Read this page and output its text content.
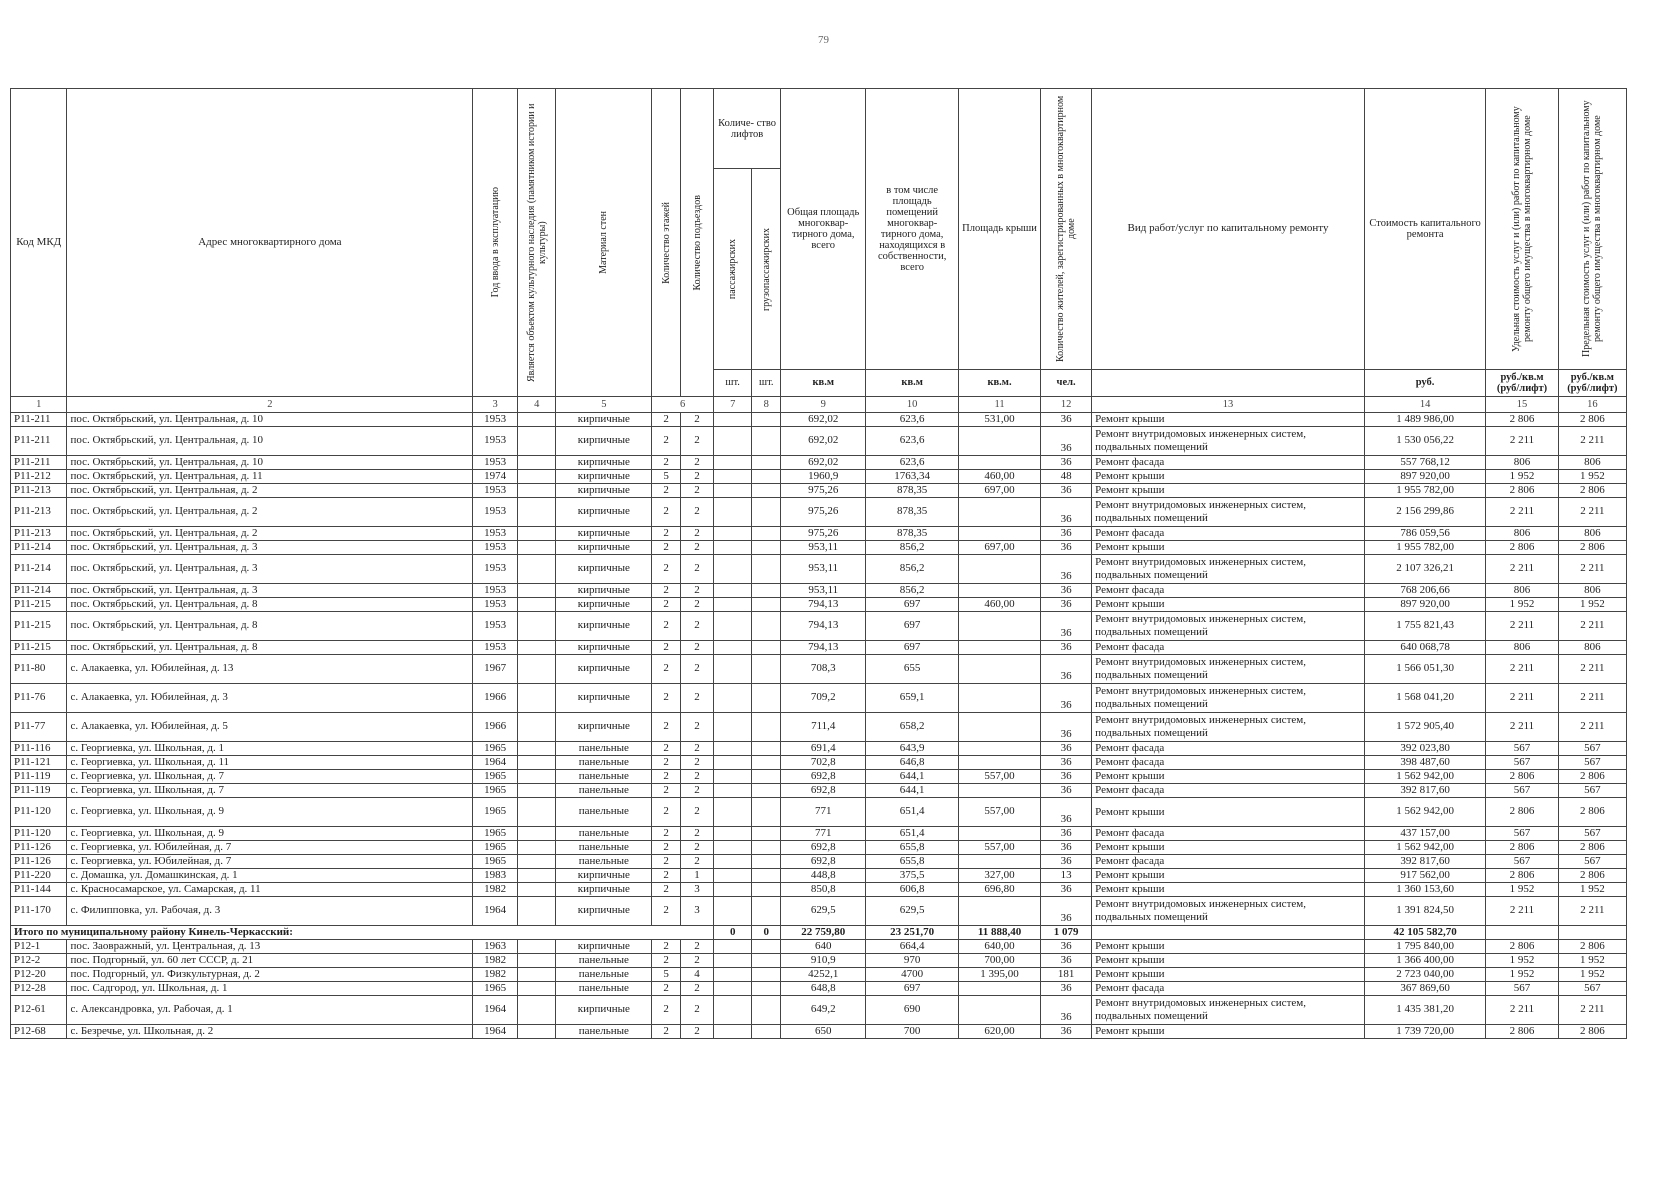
79
Код МКД	Адрес многоквартирного дома	Год ввода в эксплуатацию	Является объектом культурного наследия (памятником истории и культуры)	Материал стен	Количество этажей	Количество подъездов	Количе- ство лифтов		Общая площадь многоквар- тирного дома, всего	в том числе площадь помещений многоквар- тирного дома, находящихся в собственности, всего	Площадь крыши	Количество жителей, зарегистрированных в многоквартирном доме	Вид работ/услуг по капитальному ремонту	Стоимость капитального ремонта	Удельная стоимость услуг и (или) работ по капитальному ремонту общего имущества в многоквартирном доме	Предельная стоимость услуг и (или) работ по капитальному ремонту общего имущества в многоквартирном доме

							пассажирских	грузопассажирских								

							шт.	шт.	кв.м	кв.м	кв.м.	чел.		руб.	руб./кв.м (руб/лифт)	руб./кв.м (руб/лифт)
1	2	3	4	5	6		7	8	9	10	11	12	13	14	15	16
Р11-211	пос. Октябрьский, ул. Центральная, д. 10	1953		кирпичные	2	2			692,02	623,6	531,00	36	Ремонт крыши	1 489 986,00	2 806	2 806
Р11-211	пос. Октябрьский, ул. Центральная, д. 10	1953		кирпичные	2	2			692,02	623,6		36	Ремонт внутридомовых инженерных систем, подвальных помещений	1 530 056,22	2 211	2 211
Р11-211	пос. Октябрьский, ул. Центральная, д. 10	1953		кирпичные	2	2			692,02	623,6		36	Ремонт фасада	557 768,12	806	806
Р11-212	пос. Октябрьский, ул. Центральная, д. 11	1974		кирпичные	5	2			1960,9	1763,34	460,00	48	Ремонт крыши	897 920,00	1 952	1 952
Р11-213	пос. Октябрьский, ул. Центральная, д. 2	1953		кирпичные	2	2			975,26	878,35	697,00	36	Ремонт крыши	1 955 782,00	2 806	2 806
Р11-213	пос. Октябрьский, ул. Центральная, д. 2	1953		кирпичные	2	2			975,26	878,35		36	Ремонт внутридомовых инженерных систем, подвальных помещений	2 156 299,86	2 211	2 211
Р11-213	пос. Октябрьский, ул. Центральная, д. 2	1953		кирпичные	2	2			975,26	878,35		36	Ремонт фасада	786 059,56	806	806
Р11-214	пос. Октябрьский, ул. Центральная, д. 3	1953		кирпичные	2	2			953,11	856,2	697,00	36	Ремонт крыши	1 955 782,00	2 806	2 806
Р11-214	пос. Октябрьский, ул. Центральная, д. 3	1953		кирпичные	2	2			953,11	856,2		36	Ремонт внутридомовых инженерных систем, подвальных помещений	2 107 326,21	2 211	2 211
Р11-214	пос. Октябрьский, ул. Центральная, д. 3	1953		кирпичные	2	2			953,11	856,2		36	Ремонт фасада	768 206,66	806	806
Р11-215	пос. Октябрьский, ул. Центральная, д. 8	1953		кирпичные	2	2			794,13	697	460,00	36	Ремонт крыши	897 920,00	1 952	1 952
Р11-215	пос. Октябрьский, ул. Центральная, д. 8	1953		кирпичные	2	2			794,13	697		36	Ремонт внутридомовых инженерных систем, подвальных помещений	1 755 821,43	2 211	2 211
Р11-215	пос. Октябрьский, ул. Центральная, д. 8	1953		кирпичные	2	2			794,13	697		36	Ремонт фасада	640 068,78	806	806
Р11-80	с. Алакаевка, ул. Юбилейная, д. 13	1967		кирпичные	2	2			708,3	655		36	Ремонт внутридомовых инженерных систем, подвальных помещений	1 566 051,30	2 211	2 211
Р11-76	с. Алакаевка, ул. Юбилейная, д. 3	1966		кирпичные	2	2			709,2	659,1		36	Ремонт внутридомовых инженерных систем, подвальных помещений	1 568 041,20	2 211	2 211
Р11-77	с. Алакаевка, ул. Юбилейная, д. 5	1966		кирпичные	2	2			711,4	658,2		36	Ремонт внутридомовых инженерных систем, подвальных помещений	1 572 905,40	2 211	2 211
Р11-116	с. Георгиевка, ул. Школьная, д. 1	1965		панельные	2	2			691,4	643,9		36	Ремонт фасада	392 023,80	567	567
Р11-121	с. Георгиевка, ул. Школьная, д. 11	1964		панельные	2	2			702,8	646,8		36	Ремонт фасада	398 487,60	567	567
Р11-119	с. Георгиевка, ул. Школьная, д. 7	1965		панельные	2	2			692,8	644,1	557,00	36	Ремонт крыши	1 562 942,00	2 806	2 806
Р11-119	с. Георгиевка, ул. Школьная, д. 7	1965		панельные	2	2			692,8	644,1		36	Ремонт фасада	392 817,60	567	567
Р11-120	с. Георгиевка, ул. Школьная, д. 9	1965		панельные	2	2			771	651,4	557,00	36	Ремонт крыши	1 562 942,00	2 806	2 806
Р11-120	с. Георгиевка, ул. Школьная, д. 9	1965		панельные	2	2			771	651,4		36	Ремонт фасада	437 157,00	567	567
Р11-126	с. Георгиевка, ул. Юбилейная, д. 7	1965		панельные	2	2			692,8	655,8	557,00	36	Ремонт крыши	1 562 942,00	2 806	2 806
Р11-126	с. Георгиевка, ул. Юбилейная, д. 7	1965		панельные	2	2			692,8	655,8		36	Ремонт фасада	392 817,60	567	567
Р11-220	с. Домашка, ул. Домашкинская, д. 1	1983		кирпичные	2	1			448,8	375,5	327,00	13	Ремонт крыши	917 562,00	2 806	2 806
Р11-144	с. Красносамарское, ул. Самарская, д. 11	1982		кирпичные	2	3			850,8	606,8	696,80	36	Ремонт крыши	1 360 153,60	1 952	1 952
Р11-170	с. Филипповка, ул. Рабочая, д. 3	1964		кирпичные	2	3			629,5	629,5		36	Ремонт внутридомовых инженерных систем, подвальных помещений	1 391 824,50	2 211	2 211
Итого по муниципальному району Кинель-Черкасский:							0	0	22 759,80	23 251,70	11 888,40	1 079		42 105 582,70		
Р12-1	пос. Заовражный, ул. Центральная, д. 13	1963		кирпичные	2	2			640	664,4	640,00	36	Ремонт крыши	1 795 840,00	2 806	2 806
Р12-2	пос. Подгорный, ул. 60 лет СССР, д. 21	1982		панельные	2	2			910,9	970	700,00	36	Ремонт крыши	1 366 400,00	1 952	1 952
Р12-20	пос. Подгорный, ул. Физкультурная, д. 2	1982		панельные	5	4			4252,1	4700	1 395,00	181	Ремонт крыши	2 723 040,00	1 952	1 952
Р12-28	пос. Садгород, ул. Школьная, д. 1	1965		панельные	2	2			648,8	697		36	Ремонт фасада	367 869,60	567	567
Р12-61	с. Александровка, ул. Рабочая, д. 1	1964		кирпичные	2	2			649,2	690		36	Ремонт внутридомовых инженерных систем, подвальных помещений	1 435 381,20	2 211	2 211
Р12-68	с. Безречье, ул. Школьная, д. 2	1964		панельные	2	2			650	700	620,00	36	Ремонт крыши	1 739 720,00	2 806	2 806
